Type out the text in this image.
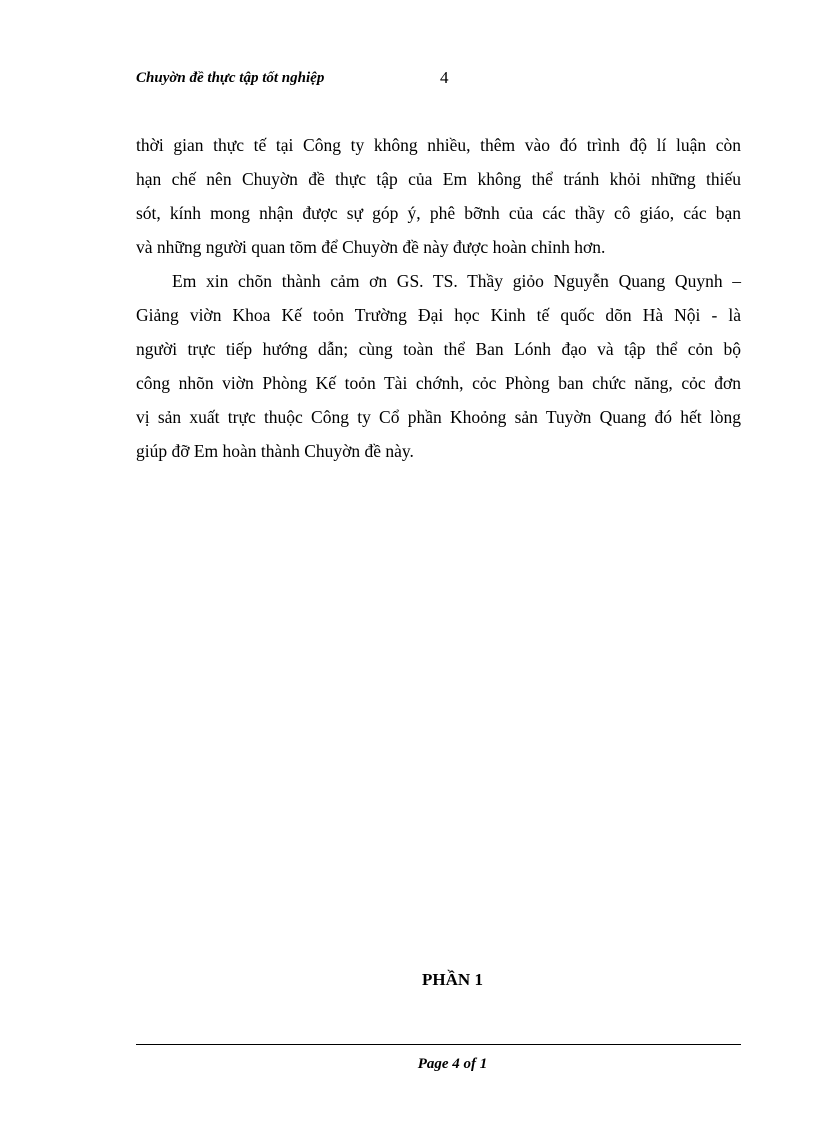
Chuyờn đề thực tập tốt nghiệp	4
thời gian thực tế tại Công ty không nhiều, thêm vào đó trình độ lí luận còn
hạn chế nên Chuyờn đề thực tập của Em không thể tránh khỏi những thiếu
sót, kính mong nhận được sự góp ý, phê bỡnh của các thầy cô giáo, các bạn
và những người quan tõm để Chuyờn đề này được hoàn chỉnh hơn.
Em xin chõn thành cảm ơn GS. TS. Thầy giỏo Nguyễn Quang Quynh –
Giảng viờn Khoa Kế toỏn Trường Đại học Kinh tế quốc dõn Hà Nội - là
người trực tiếp hướng dẫn; cùng toàn thể Ban Lónh đạo và tập thể cỏn bộ
công nhõn viờn Phòng Kế toỏn Tài chớnh, cỏc Phòng ban chức năng, cỏc đơn
vị sản xuất trực thuộc Công ty Cổ phần Khoỏng sản Tuyờn Quang đó hết lòng
giúp đỡ Em hoàn thành Chuyờn đề này.
PHẦN 1
Page 4 of 1
